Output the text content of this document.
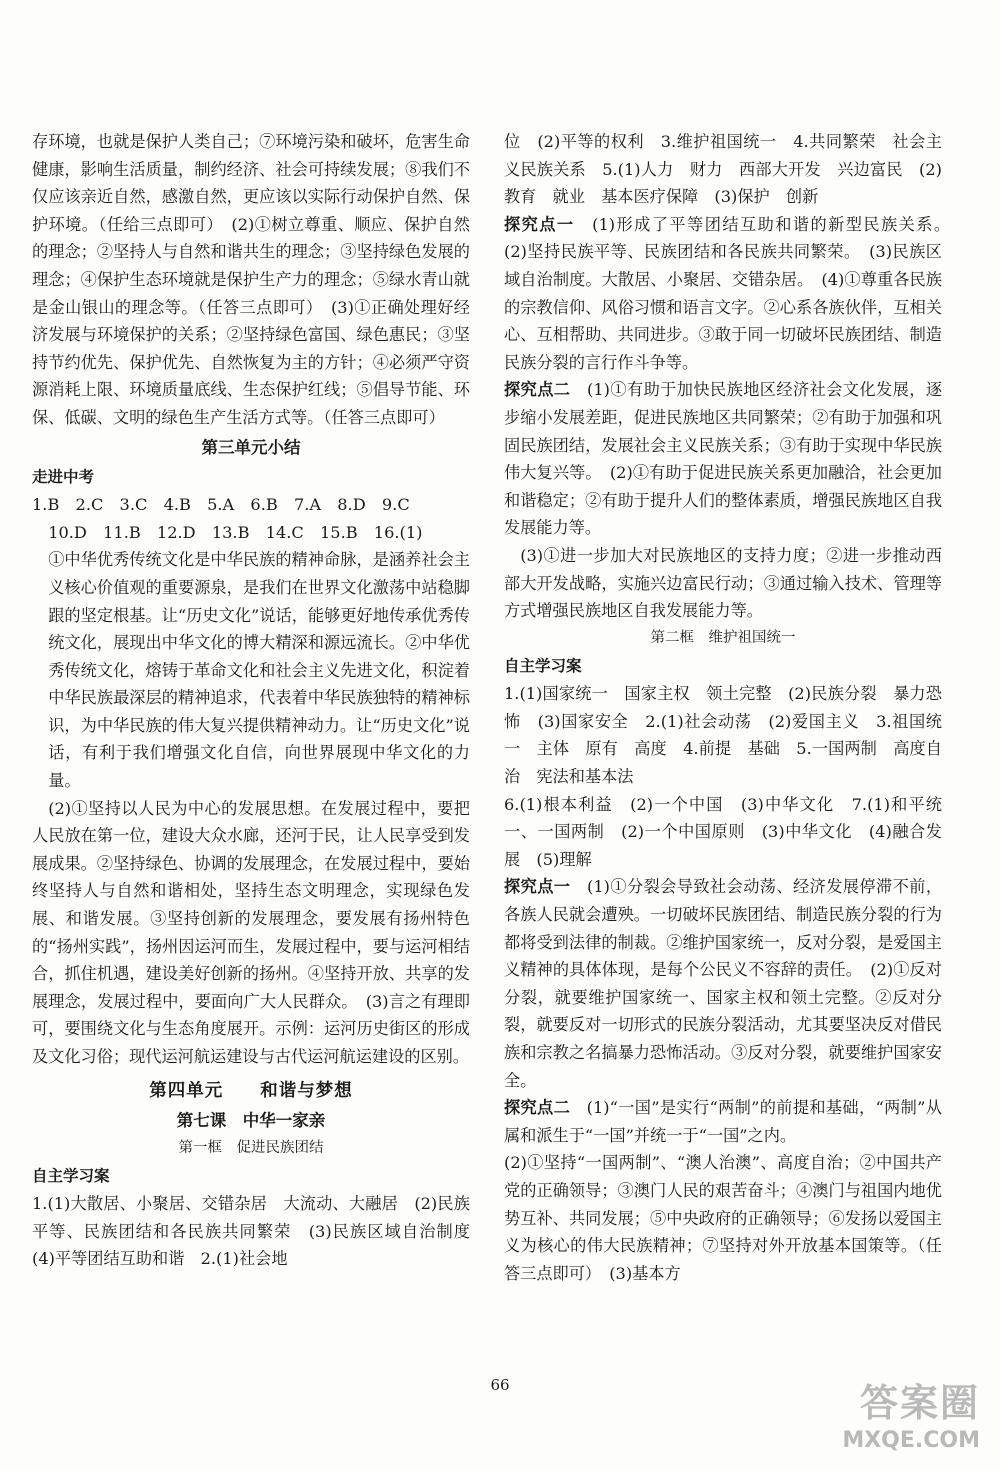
存环境，也就是保护人类自己；⑦环境污染和破坏，危害生命健康，影响生活质量，制约经济、社会可持续发展；⑧我们不仅应该亲近自然，感激自然，更应该以实际行动保护自然、保护环境。（任给三点即可）　(2)①树立尊重、顺应、保护自然的理念；②坚持人与自然和谐共生的理念；③坚持绿色发展的理念；④保护生态环境就是保护生产力的理念；⑤绿水青山就是金山银山的理念等。（任答三点即可）　(3)①正确处理好经济发展与环境保护的关系；②坚持绿色富国、绿色惠民；③坚持节约优先、保护优先、自然恢复为主的方针；④必须严守资源消耗上限、环境质量底线、生态保护红线；⑤倡导节能、环保、低碳、文明的绿色生产生活方式等。（任答三点即可）

第三单元小结

走进中考

1.B　2.C　3.C　4.B　5.A　6.B　7.A　8.D　9.C

10.D　11.B　12.D　13.B　14.C　15.B　16.(1)

①中华优秀传统文化是中华民族的精神命脉，是涵养社会主义核心价值观的重要源泉，是我们在世界文化激荡中站稳脚跟的坚定根基。让“历史文化”说话，能够更好地传承优秀传统文化，展现出中华文化的博大精深和源远流长。②中华优秀传统文化，熔铸于革命文化和社会主义先进文化，积淀着中华民族最深层的精神追求，代表着中华民族独特的精神标识，为中华民族的伟大复兴提供精神动力。让“历史文化”说话，有利于我们增强文化自信，向世界展现中华文化的力量。

(2)①坚持以人民为中心的发展思想。在发展过程中，要把人民放在第一位，建设大众水廊，还河于民，让人民享受到发展成果。②坚持绿色、协调的发展理念，在发展过程中，要始终坚持人与自然和谐相处，坚持生态文明理念，实现绿色发展、和谐发展。③坚持创新的发展理念，要发展有扬州特色的“扬州实践”，扬州因运河而生，发展过程中，要与运河相结合，抓住机遇，建设美好创新的扬州。④坚持开放、共享的发展理念，发展过程中，要面向广大人民群众。　(3)言之有理即可，要围绕文化与生态角度展开。示例：运河历史街区的形成及文化习俗；现代运河航运建设与古代运河航运建设的区别。

第四单元　　和谐与梦想

第七课　中华一家亲

第一框　促进民族团结

自主学习案

1.(1)大散居、小聚居、交错杂居　大流动、大融居　(2)民族平等、民族团结和各民族共同繁荣　(3)民族区域自治制度　(4)平等团结互助和谐　2.(1)社会地

位　(2)平等的权利　3.维护祖国统一　4.共同繁荣　社会主义民族关系　5.(1)人力　财力　西部大开发　兴边富民　(2)教育　就业　基本医疗保障　(3)保护　创新

探究点一　(1)形成了平等团结互助和谐的新型民族关系。　(2)坚持民族平等、民族团结和各民族共同繁荣。　(3)民族区域自治制度。大散居、小聚居、交错杂居。　(4)①尊重各民族的宗教信仰、风俗习惯和语言文字。②心系各族伙伴，互相关心、互相帮助、共同进步。③敢于同一切破坏民族团结、制造民族分裂的言行作斗争等。

探究点二　(1)①有助于加快民族地区经济社会文化发展，逐步缩小发展差距，促进民族地区共同繁荣；②有助于加强和巩固民族团结，发展社会主义民族关系；③有助于实现中华民族伟大复兴等。　(2)①有助于促进民族关系更加融洽，社会更加和谐稳定；②有助于提升人们的整体素质，增强民族地区自我发展能力等。

(3)①进一步加大对民族地区的支持力度；②进一步推动西部大开发战略，实施兴边富民行动；③通过输入技术、管理等方式增强民族地区自我发展能力等。

第二框　维护祖国统一

自主学习案

1.(1)国家统一　国家主权　领土完整　(2)民族分裂　暴力恐怖　(3)国家安全　2.(1)社会动荡　(2)爱国主义　3.祖国统一　主体　原有　高度　4.前提　基础　5.一国两制　高度自治　宪法和基本法

6.(1)根本利益　(2)一个中国　(3)中华文化　7.(1)和平统一、一国两制　(2)一个中国原则　(3)中华文化　(4)融合发展　(5)理解

探究点一　(1)①分裂会导致社会动荡、经济发展停滞不前，各族人民就会遭殃。一切破坏民族团结、制造民族分裂的行为都将受到法律的制裁。②维护国家统一，反对分裂，是爱国主义精神的具体体现，是每个公民义不容辞的责任。　(2)①反对分裂，就要维护国家统一、国家主权和领土完整。②反对分裂，就要反对一切形式的民族分裂活动，尤其要坚决反对借民族和宗教之名搞暴力恐怖活动。③反对分裂，就要维护国家安全。

探究点二　(1)“一国”是实行“两制”的前提和基础，“两制”从属和派生于“一国”并统一于“一国”之内。

(2)①坚持“一国两制”、“澳人治澳”、高度自治；②中国共产党的正确领导；③澳门人民的艰苦奋斗；④澳门与祖国内地优势互补、共同发展；⑤中央政府的正确领导；⑥发扬以爱国主义为核心的伟大民族精神；⑦坚持对外开放基本国策等。（任答三点即可）　(3)基本方

66	答案圈
MXQE.COM
